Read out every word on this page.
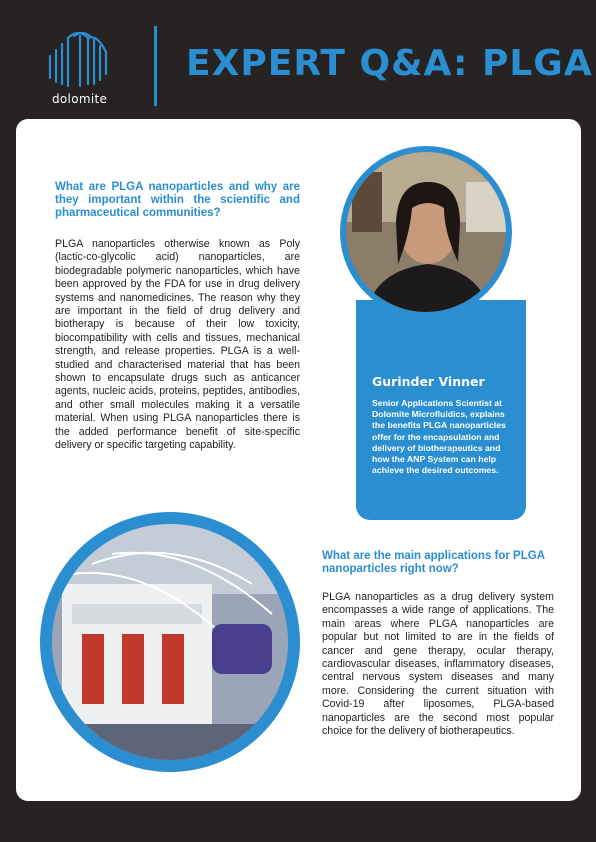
dolomite
EXPERT Q&A: PLGA
What are PLGA nanoparticles and why are they important within the scientific and pharmaceutical communities?

PLGA nanoparticles otherwise known as Poly (lactic-co-glycolic acid) nanoparticles, are biodegradable polymeric nanoparticles, which have been approved by the FDA for use in drug delivery systems and nanomedicines. The reason why they are important in the field of drug delivery and biotherapy is because of their low toxicity, biocompatibility with cells and tissues, mechanical strength, and release properties. PLGA is a well-studied and characterised material that has been shown to encapsulate drugs such as anticancer agents, nucleic acids, proteins, peptides, antibodies, and other small molecules making it a versatile material. When using PLGA nanoparticles there is the added performance benefit of site-specific delivery or specific targeting capability.

Gurinder Vinner

Senior Applications Scientist at Dolomite Microfluidics, explains the benefits PLGA nanoparticles offer for the encapsulation and delivery of biotherapeutics and how the ANP System can help achieve the desired outcomes.

What are the main applications for PLGA nanoparticles right now?

PLGA nanoparticles as a drug delivery system encompasses a wide range of applications. The main areas where PLGA nanoparticles are popular but not limited to are in the fields of cancer and gene therapy, ocular therapy, cardiovascular diseases, inflammatory diseases, central nervous system diseases and many more. Considering the current situation with Covid-19 after liposomes, PLGA-based nanoparticles are the second most popular choice for the delivery of biotherapeutics.
